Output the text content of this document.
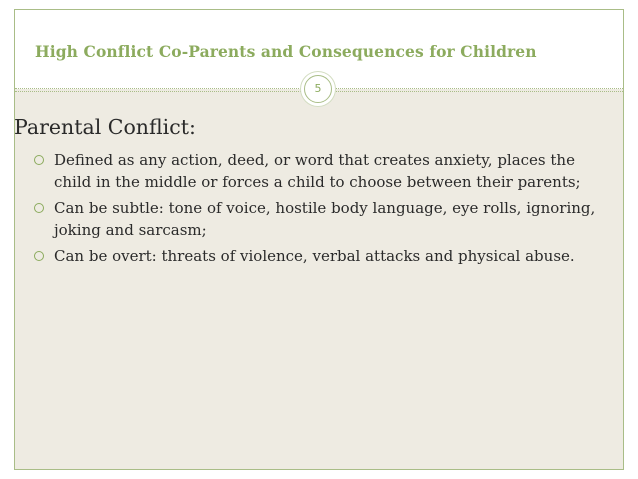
High Conflict Co-Parents and Consequences for Children
5
Parental Conflict:
Defined as any action, deed, or word that creates anxiety, places the child in the middle or forces a child to choose between their parents;
Can be subtle: tone of voice, hostile body language, eye rolls, ignoring, joking and sarcasm;
Can be overt: threats of violence, verbal attacks and physical abuse.
